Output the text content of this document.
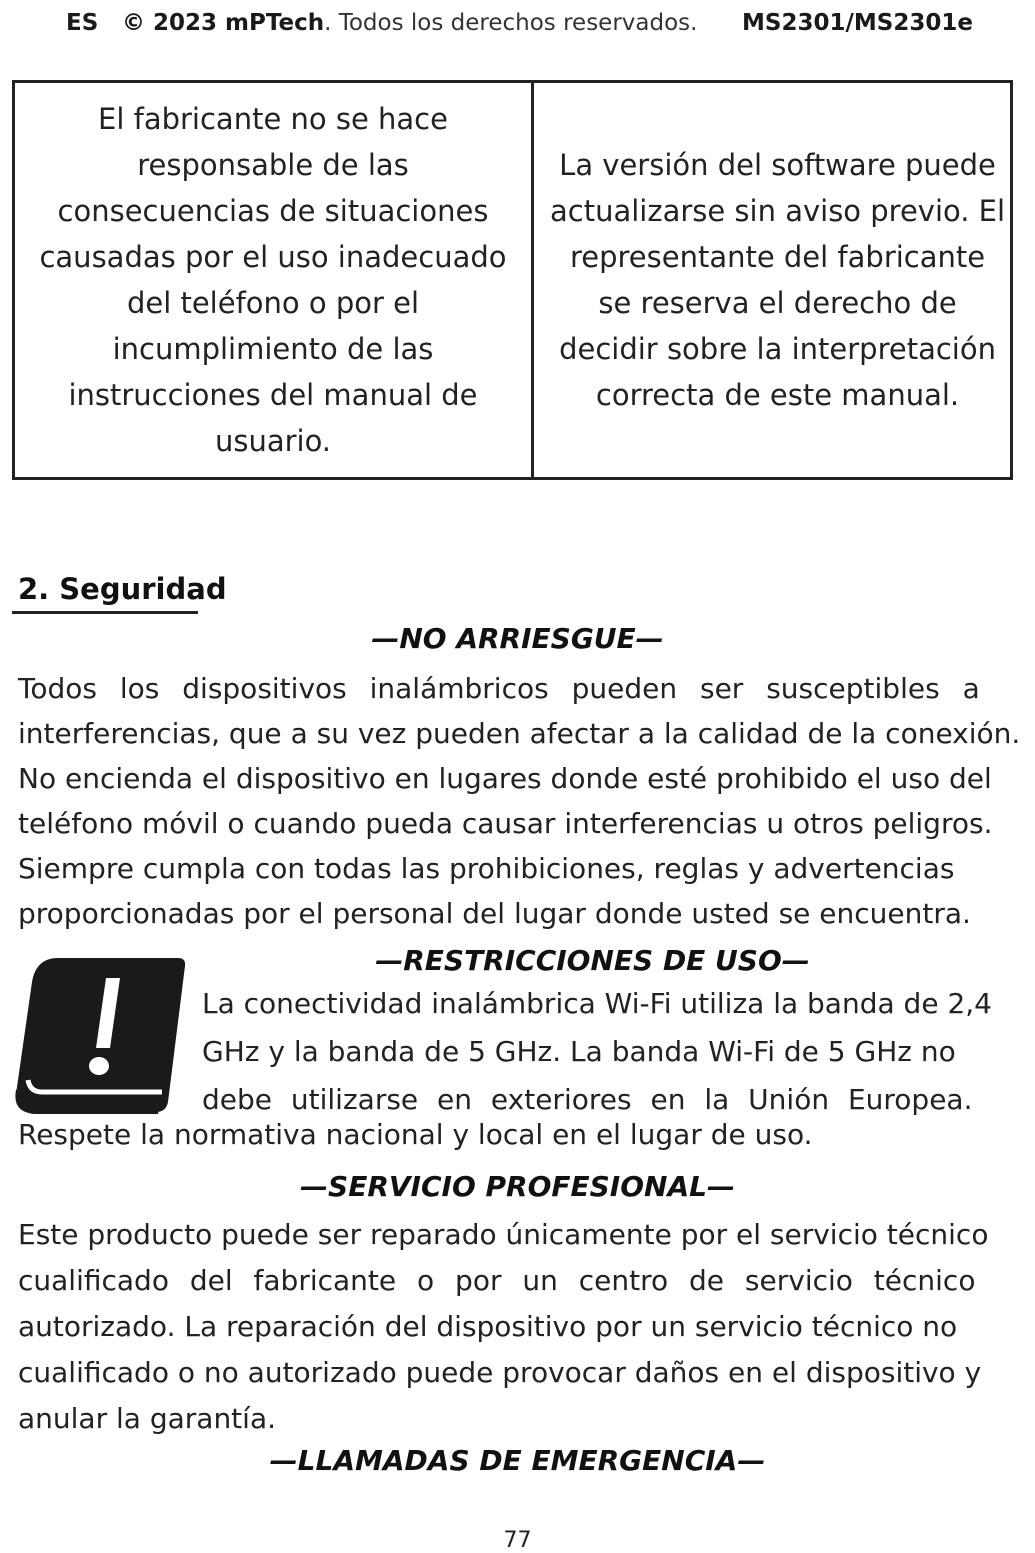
ES © 2023 mPTech. Todos los derechos reservados. MS2301/MS2301e
El fabricante no se hace
responsable de las
consecuencias de situaciones
causadas por el uso inadecuado
del teléfono o por el
incumplimiento de las
instrucciones del manual de
usuario.
La versión del software puede
actualizarse sin aviso previo. El
representante del fabricante
se reserva el derecho de
decidir sobre la interpretación
correcta de este manual.
2. Seguridad
—NO ARRIESGUE—
Todos los dispositivos inalámbricos pueden ser susceptibles a
interferencias, que a su vez pueden afectar a la calidad de la conexión.
No encienda el dispositivo en lugares donde esté prohibido el uso del
teléfono móvil o cuando pueda causar interferencias u otros peligros.
Siempre cumpla con todas las prohibiciones, reglas y advertencias
proporcionadas por el personal del lugar donde usted se encuentra.
—RESTRICCIONES DE USO—
La conectividad inalámbrica Wi-Fi utiliza la banda de 2,4
GHz y la banda de 5 GHz. La banda Wi-Fi de 5 GHz no
debe utilizarse en exteriores en la Unión Europea.
Respete la normativa nacional y local en el lugar de uso.
—SERVICIO PROFESIONAL—
Este producto puede ser reparado únicamente por el servicio técnico
cualificado del fabricante o por un centro de servicio técnico
autorizado. La reparación del dispositivo por un servicio técnico no
cualificado o no autorizado puede provocar daños en el dispositivo y
anular la garantía.
—LLAMADAS DE EMERGENCIA—
77
